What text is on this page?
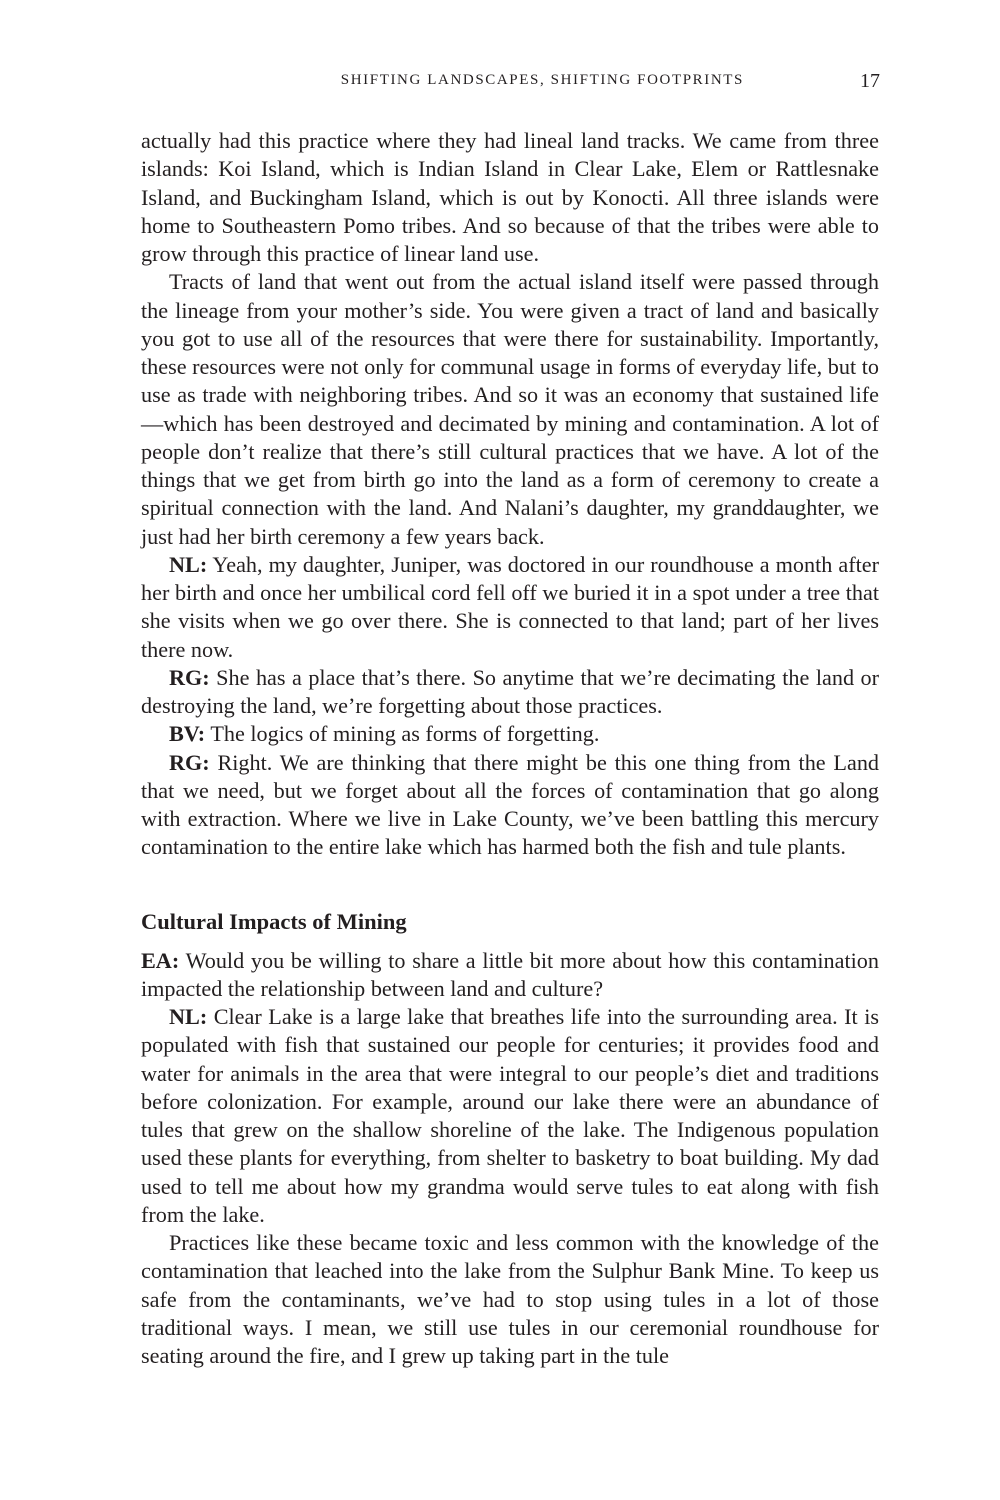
SHIFTING LANDSCAPES, SHIFTING FOOTPRINTS	17

actually had this practice where they had lineal land tracks. We came from three islands: Koi Island, which is Indian Island in Clear Lake, Elem or Rattlesnake Island, and Buckingham Island, which is out by Konocti. All three islands were home to Southeastern Pomo tribes. And so because of that the tribes were able to grow through this practice of linear land use.

Tracts of land that went out from the actual island itself were passed through the lineage from your mother’s side. You were given a tract of land and basically you got to use all of the resources that were there for sustainability. Importantly, these resources were not only for communal usage in forms of everyday life, but to use as trade with neighboring tribes. And so it was an economy that sustained life—which has been destroyed and decimated by mining and contamination. A lot of people don’t realize that there’s still cultural practices that we have. A lot of the things that we get from birth go into the land as a form of ceremony to create a spiritual connection with the land. And Nalani’s daughter, my granddaughter, we just had her birth ceremony a few years back.

NL: Yeah, my daughter, Juniper, was doctored in our roundhouse a month after her birth and once her umbilical cord fell off we buried it in a spot under a tree that she visits when we go over there. She is connected to that land; part of her lives there now.

RG: She has a place that’s there. So anytime that we’re decimating the land or destroying the land, we’re forgetting about those practices.

BV: The logics of mining as forms of forgetting.

RG: Right. We are thinking that there might be this one thing from the Land that we need, but we forget about all the forces of contamination that go along with extraction. Where we live in Lake County, we’ve been battling this mercury contamination to the entire lake which has harmed both the fish and tule plants.

Cultural Impacts of Mining

EA: Would you be willing to share a little bit more about how this contamination impacted the relationship between land and culture?

NL: Clear Lake is a large lake that breathes life into the surrounding area. It is populated with fish that sustained our people for centuries; it provides food and water for animals in the area that were integral to our people’s diet and traditions before colonization. For example, around our lake there were an abundance of tules that grew on the shallow shoreline of the lake. The Indigenous population used these plants for everything, from shelter to basketry to boat building. My dad used to tell me about how my grandma would serve tules to eat along with fish from the lake.

Practices like these became toxic and less common with the knowledge of the contamination that leached into the lake from the Sulphur Bank Mine. To keep us safe from the contaminants, we’ve had to stop using tules in a lot of those traditional ways. I mean, we still use tules in our ceremonial roundhouse for seating around the fire, and I grew up taking part in the tule
